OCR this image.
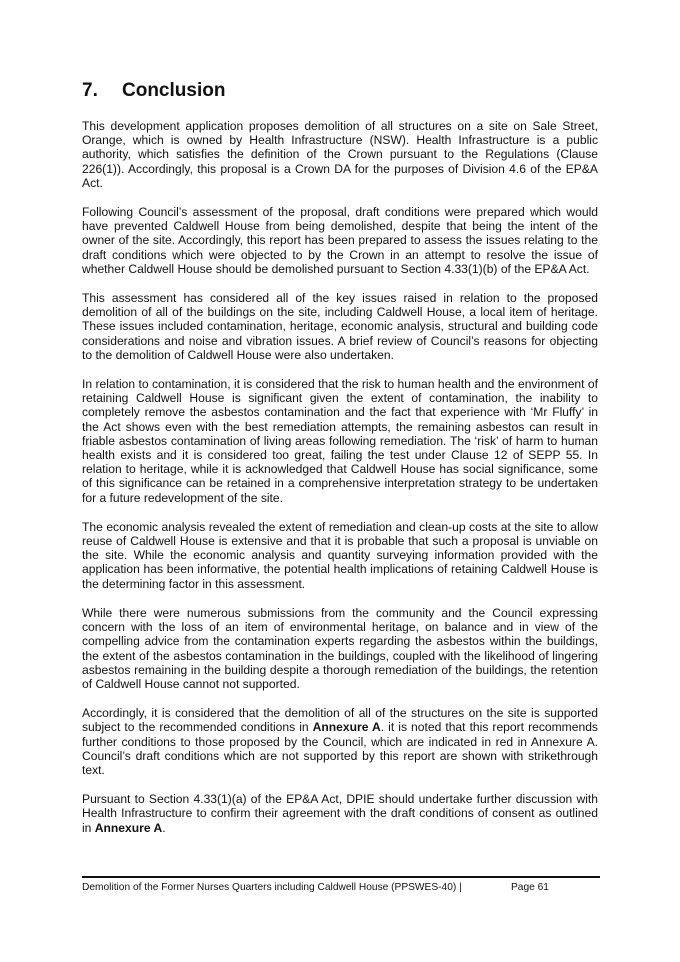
7. Conclusion

This development application proposes demolition of all structures on a site on Sale Street, Orange, which is owned by Health Infrastructure (NSW). Health Infrastructure is a public authority, which satisfies the definition of the Crown pursuant to the Regulations (Clause 226(1)). Accordingly, this proposal is a Crown DA for the purposes of Division 4.6 of the EP&A Act.

Following Council’s assessment of the proposal, draft conditions were prepared which would have prevented Caldwell House from being demolished, despite that being the intent of the owner of the site. Accordingly, this report has been prepared to assess the issues relating to the draft conditions which were objected to by the Crown in an attempt to resolve the issue of whether Caldwell House should be demolished pursuant to Section 4.33(1)(b) of the EP&A Act.

This assessment has considered all of the key issues raised in relation to the proposed demolition of all of the buildings on the site, including Caldwell House, a local item of heritage. These issues included contamination, heritage, economic analysis, structural and building code considerations and noise and vibration issues. A brief review of Council’s reasons for objecting to the demolition of Caldwell House were also undertaken.

In relation to contamination, it is considered that the risk to human health and the environment of retaining Caldwell House is significant given the extent of contamination, the inability to completely remove the asbestos contamination and the fact that experience with ‘Mr Fluffy’ in the Act shows even with the best remediation attempts, the remaining asbestos can result in friable asbestos contamination of living areas following remediation. The ‘risk’ of harm to human health exists and it is considered too great, failing the test under Clause 12 of SEPP 55. In relation to heritage, while it is acknowledged that Caldwell House has social significance, some of this significance can be retained in a comprehensive interpretation strategy to be undertaken for a future redevelopment of the site.

The economic analysis revealed the extent of remediation and clean-up costs at the site to allow reuse of Caldwell House is extensive and that it is probable that such a proposal is unviable on the site. While the economic analysis and quantity surveying information provided with the application has been informative, the potential health implications of retaining Caldwell House is the determining factor in this assessment.

While there were numerous submissions from the community and the Council expressing concern with the loss of an item of environmental heritage, on balance and in view of the compelling advice from the contamination experts regarding the asbestos within the buildings, the extent of the asbestos contamination in the buildings, coupled with the likelihood of lingering asbestos remaining in the building despite a thorough remediation of the buildings, the retention of Caldwell House cannot not supported.

Accordingly, it is considered that the demolition of all of the structures on the site is supported subject to the recommended conditions in Annexure A. it is noted that this report recommends further conditions to those proposed by the Council, which are indicated in red in Annexure A. Council’s draft conditions which are not supported by this report are shown with strikethrough text.

Pursuant to Section 4.33(1)(a) of the EP&A Act, DPIE should undertake further discussion with Health Infrastructure to confirm their agreement with the draft conditions of consent as outlined in Annexure A.

Demolition of the Former Nurses Quarters including Caldwell House (PPSWES-40) |	Page 61
